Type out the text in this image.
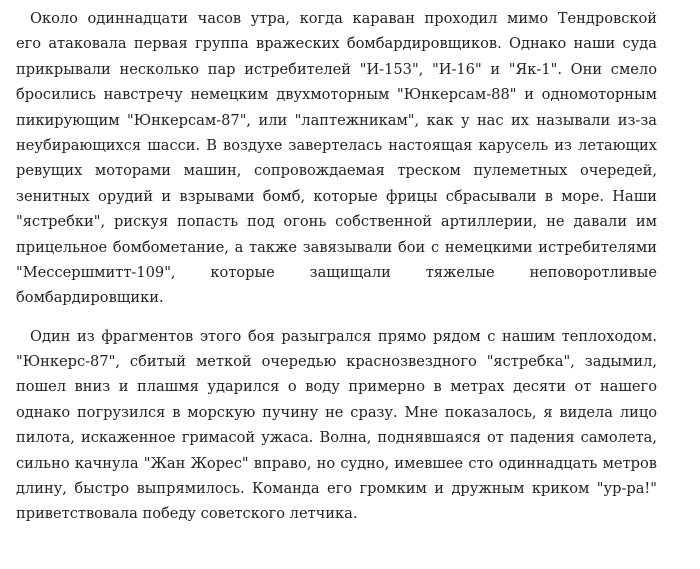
Около одиннадцати часов утра, когда караван проходил мимо Тендровской
его атаковала первая группа вражеских бомбардировщиков. Однако наши суда
прикрывали несколько пар истребителей "И-153", "И-16" и "Як-1". Они смело
бросились навстречу немецким двухмоторным "Юнкерсам-88" и одномоторным
пикирующим "Юнкерсам-87", или "лаптежникам", как у нас их называли из-за
неубирающихся шасси. В воздухе завертелась настоящая карусель из летающих
ревущих моторами машин, сопровождаемая треском пулеметных очередей,
зенитных орудий и взрывами бомб, которые фрицы сбрасывали в море. Наши
"ястребки", рискуя попасть под огонь собственной артиллерии, не давали им
прицельное бомбометание, а также завязывали бои с немецкими истребителями
"Мессершмитт-109", которые защищали тяжелые неповоротливые
бомбардировщики.
Один из фрагментов этого боя разыгрался прямо рядом с нашим теплоходом.
"Юнкерс-87", сбитый меткой очередью краснозвездного "ястребка", задымил,
пошел вниз и плашмя ударился о воду примерно в метрах десяти от нашего
однако погрузился в морскую пучину не сразу. Мне показалось, я видела лицо
пилота, искаженное гримасой ужаса. Волна, поднявшаяся от падения самолета,
сильно качнула "Жан Жорес" вправо, но судно, имевшее сто одиннадцать метров
длину, быстро выпрямилось. Команда его громким и дружным криком "ур-ра!"
приветствовала победу советского летчика.
